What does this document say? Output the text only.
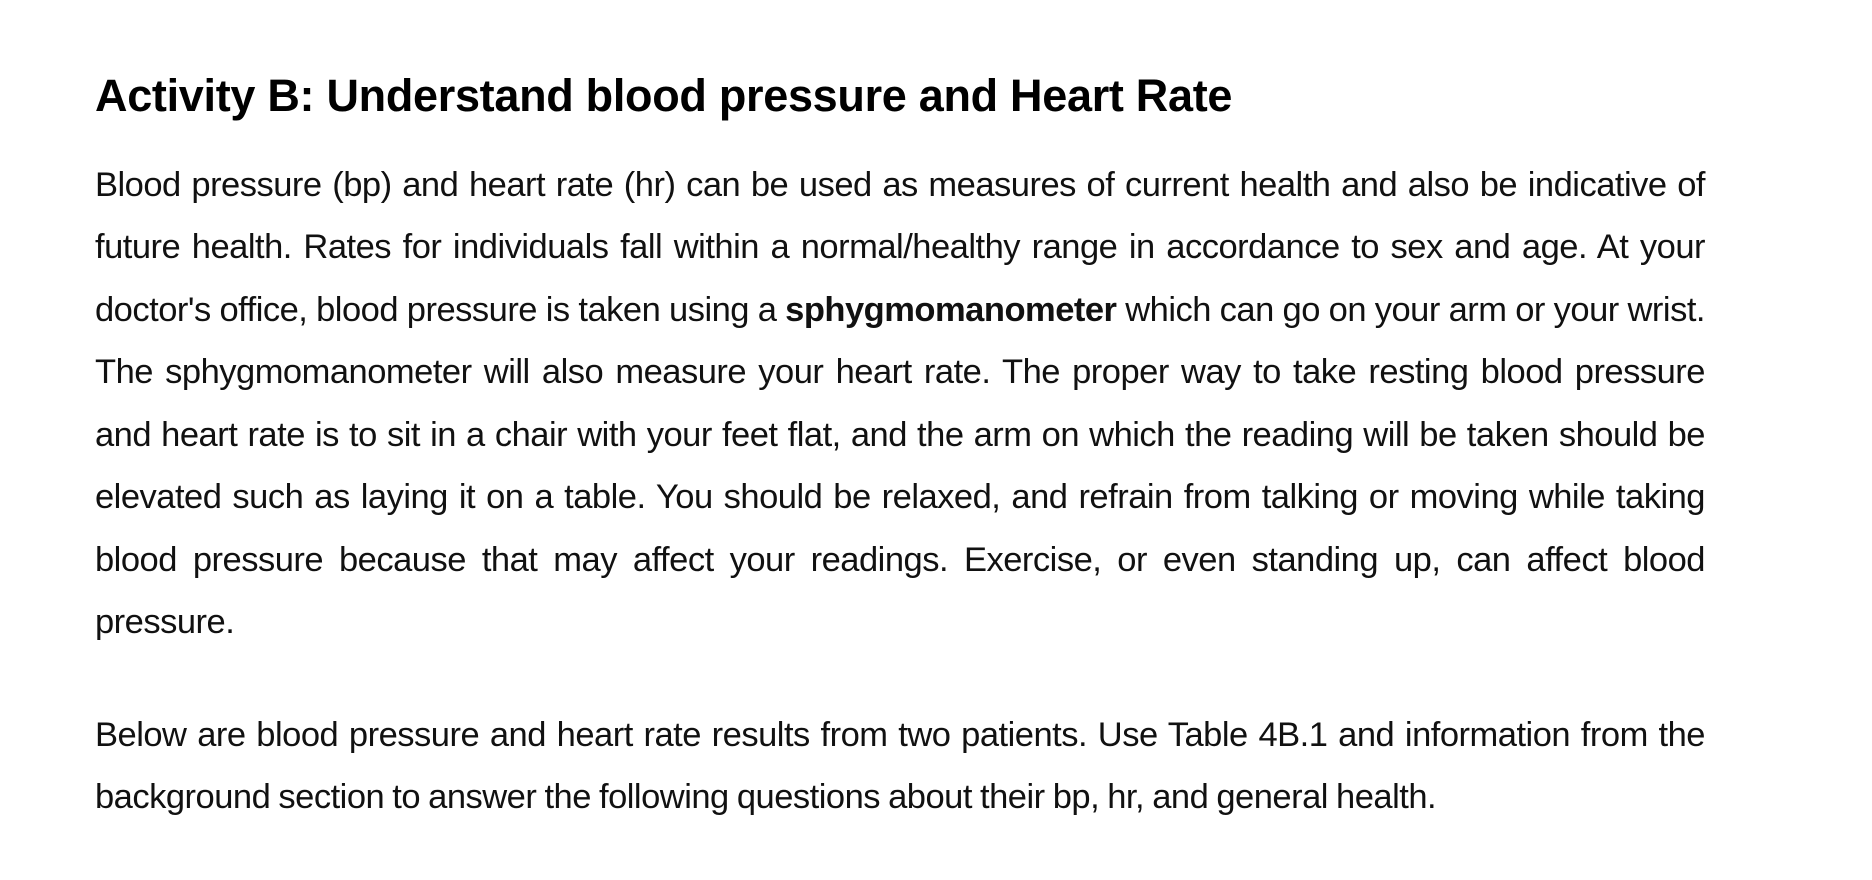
Activity B: Understand blood pressure and Heart Rate

Blood pressure (bp) and heart rate (hr) can be used as measures of current health and also be indicative of future health. Rates for individuals fall within a normal/healthy range in accordance to sex and age. At your doctor's office, blood pressure is taken using a sphygmomanometer which can go on your arm or your wrist. The sphygmomanometer will also measure your heart rate. The proper way to take resting blood pressure and heart rate is to sit in a chair with your feet flat, and the arm on which the reading will be taken should be elevated such as laying it on a table. You should be relaxed, and refrain from talking or moving while taking blood pressure because that may affect your readings. Exercise, or even standing up, can affect blood pressure.

Below are blood pressure and heart rate results from two patients. Use Table 4B.1 and information from the background section to answer the following questions about their bp, hr, and general health.
